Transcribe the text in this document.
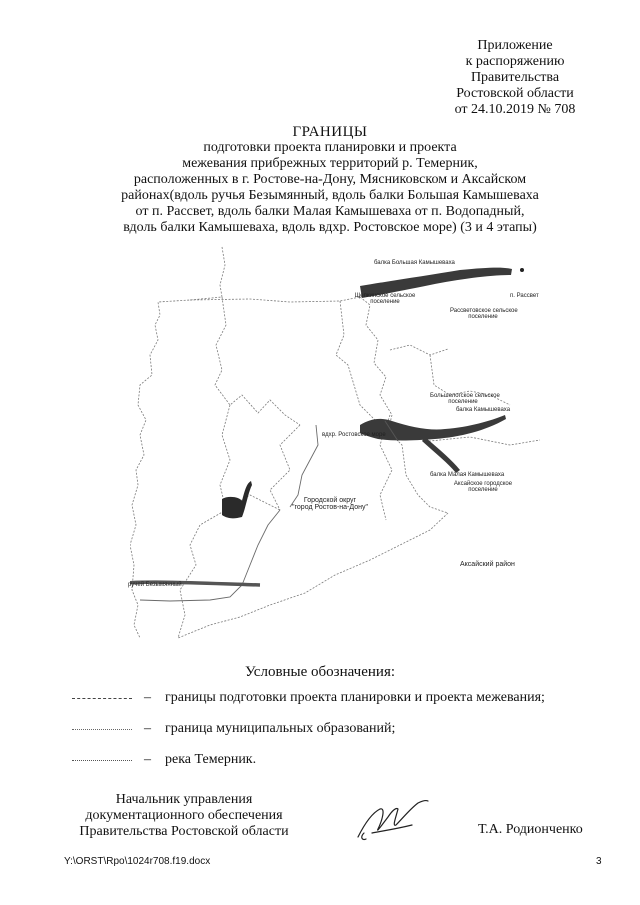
Приложение
к распоряжению
Правительства
Ростовской области
от 24.10.2019 № 708
ГРАНИЦЫ
подготовки проекта планировки и проекта
межевания прибрежных территорий р. Темерник,
расположенных в г. Ростове-на-Дону, Мясниковском и Аксайском
районах(вдоль ручья Безымянный, вдоль балки Большая Камышеваха
от п. Рассвет, вдоль балки Малая Камышеваха от п. Водопадный,
вдоль балки Камышеваха, вдоль вдхр. Ростовское море) (3 и 4 этапы)
балка Большая Камышеваха
п. Рассвет
Щепкинское сельское
поселение
Рассветовское сельское
поселение
Большелогское сельское
поселение
балка Камышеваха
вдхр. Ростовское море
балка Малая Камышеваха
Аксайское городское
поселение
Городской округ
"город Ростов-на-Дону"
Аксайский район
ручей Безымянный
Условные обозначения:
– границы подготовки проекта планировки и проекта межевания;
– граница муниципальных образований;
– река Темерник.
Начальник управления
документационного обеспечения
Правительства Ростовской области	Т.А. Родионченко
Y:\ORST\Rpo\1024r708.f19.docx	3
